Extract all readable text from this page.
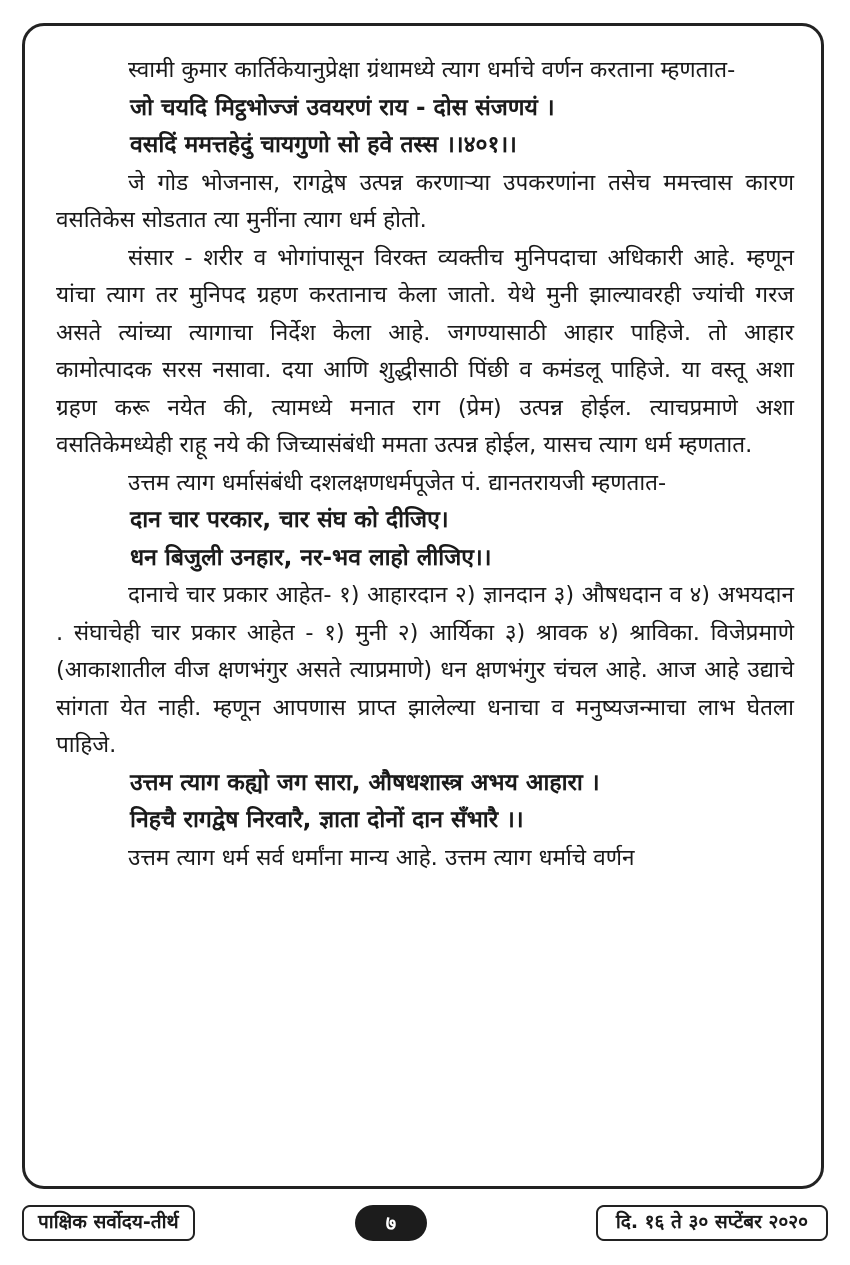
स्वामी कुमार कार्तिकेयानुप्रेक्षा ग्रंथामध्ये त्याग धर्माचे वर्णन करताना म्हणतात-

जो चयदि मिट्ठभोज्जं उवयरणं राय - दोस संजणयं ।

वसदिं ममत्तहेदुं चायगुणो सो हवे तस्स ।।४०१।।

जे गोड भोजनास, रागद्वेष उत्पन्न करणाऱ्या उपकरणांना तसेच ममत्त्वास कारण वसतिकेस सोडतात त्या मुनींना त्याग धर्म होतो.

संसार - शरीर व भोगांपासून विरक्त व्यक्तीच मुनिपदाचा अधिकारी आहे. म्हणून यांचा त्याग तर मुनिपद ग्रहण करतानाच केला जातो. येथे मुनी झाल्यावरही ज्यांची गरज असते त्यांच्या त्यागाचा निर्देश केला आहे. जगण्यासाठी आहार पाहिजे. तो आहार कामोत्पादक सरस नसावा. दया आणि शुद्धीसाठी पिंछी व कमंडलू पाहिजे. या वस्तू अशा ग्रहण करू नयेत की, त्यामध्ये मनात राग (प्रेम) उत्पन्न होईल. त्याचप्रमाणे अशा वसतिकेमध्येही राहू नये की जिच्यासंबंधी ममता उत्पन्न होईल, यासच त्याग धर्म म्हणतात.

उत्तम त्याग धर्मासंबंधी दशलक्षणधर्मपूजेत पं. द्यानतरायजी म्हणतात-

दान चार परकार, चार संघ को दीजिए।

धन बिजुली उनहार, नर-भव लाहो लीजिए।।

दानाचे चार प्रकार आहेत- १) आहारदान २) ज्ञानदान ३) औषधदान व ४) अभयदान . संघाचेही चार प्रकार आहेत - १) मुनी २) आर्यिका ३) श्रावक ४) श्राविका. विजेप्रमाणे (आकाशातील वीज क्षणभंगुर असते त्याप्रमाणे) धन क्षणभंगुर चंचल आहे. आज आहे उद्याचे सांगता येत नाही. म्हणून आपणास प्राप्त झालेल्या धनाचा व मनुष्यजन्माचा लाभ घेतला पाहिजे.

उत्तम त्याग कह्यो जग सारा, औषधशास्त्र अभय आहारा ।

निहचै रागद्वेष निरवारै, ज्ञाता दोनों दान सँभारै ।।

उत्तम त्याग धर्म सर्व धर्मांना मान्य आहे. उत्तम त्याग धर्माचे वर्णन

पाक्षिक सर्वोदय-तीर्थ	७	दि. १६ ते ३० सप्टेंबर २०२०
